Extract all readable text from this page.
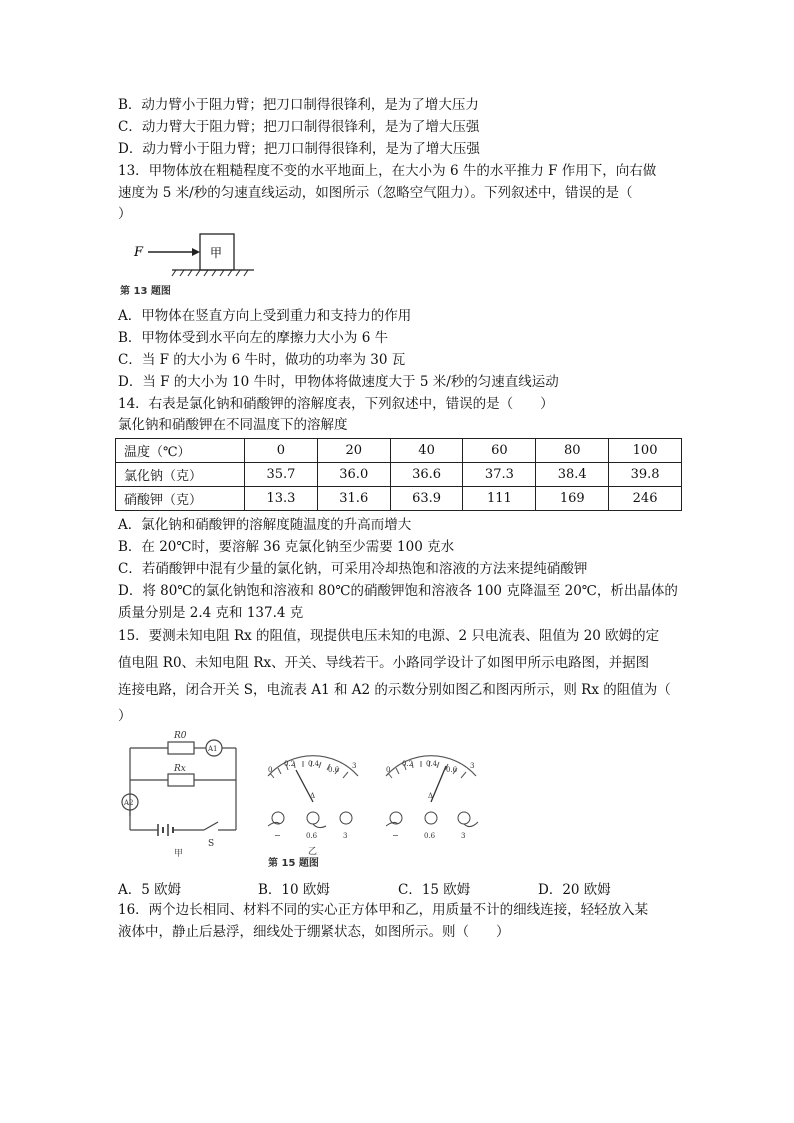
B．动力臂小于阻力臂；把刀口制得很锋利，是为了增大压力
C．动力臂大于阻力臂；把刀口制得很锋利，是为了增大压强
D．动力臂小于阻力臂；把刀口制得很锋利，是为了增大压强
13．甲物体放在粗糙程度不变的水平地面上，在大小为 6 牛的水平推力 F 作用下，向右做
速度为 5 米/秒的匀速直线运动，如图所示（忽略空气阻力）。下列叙述中，错误的是（
）
F	甲
第 13 题图
A．甲物体在竖直方向上受到重力和支持力的作用
B．甲物体受到水平向左的摩擦力大小为 6 牛
C．当 F 的大小为 6 牛时，做功的功率为 30 瓦
D．当 F 的大小为 10 牛时，甲物体将做速度大于 5 米/秒的匀速直线运动
14．右表是氯化钠和硝酸钾的溶解度表，下列叙述中，错误的是（　　）
氯化钠和硝酸钾在不同温度下的溶解度
温度（℃）	0	20	40	60	80	100
氯化钠（克）	35.7	36.0	36.6	37.3	38.4	39.8
硝酸钾（克）	13.3	31.6	63.9	111	169	246
A．氯化钠和硝酸钾的溶解度随温度的升高而增大
B．在 20℃时，要溶解 36 克氯化钠至少需要 100 克水
C．若硝酸钾中混有少量的氯化钠，可采用冷却热饱和溶液的方法来提纯硝酸钾
D．将 80℃的氯化钠饱和溶液和 80℃的硝酸钾饱和溶液各 100 克降温至 20℃，析出晶体的
质量分别是 2.4 克和 137.4 克
15．要测未知电阻 Rx 的阻值，现提供电压未知的电源、2 只电流表、阻值为 20 欧姆的定
值电阻 R0、未知电阻 Rx、开关、导线若干。小路同学设计了如图甲所示电路图，并据图
连接电路，闭合开关 S，电流表 A1 和 A2 的示数分别如图乙和图丙所示，则 Rx 的阻值为（
）
R0
Rx
A1
A2
S
甲
Δ
0
0.2 0.4
0.6 3
−	0.6	3
乙
第 15 题图
Δ
0
0.2 0.4
0.6 3
−	0.6	3
A．5 欧姆	B．10 欧姆	C．15 欧姆	D．20 欧姆
16．两个边长相同、材料不同的实心正方体甲和乙，用质量不计的细线连接，轻轻放入某
液体中，静止后悬浮，细线处于绷紧状态，如图所示。则（　　）
